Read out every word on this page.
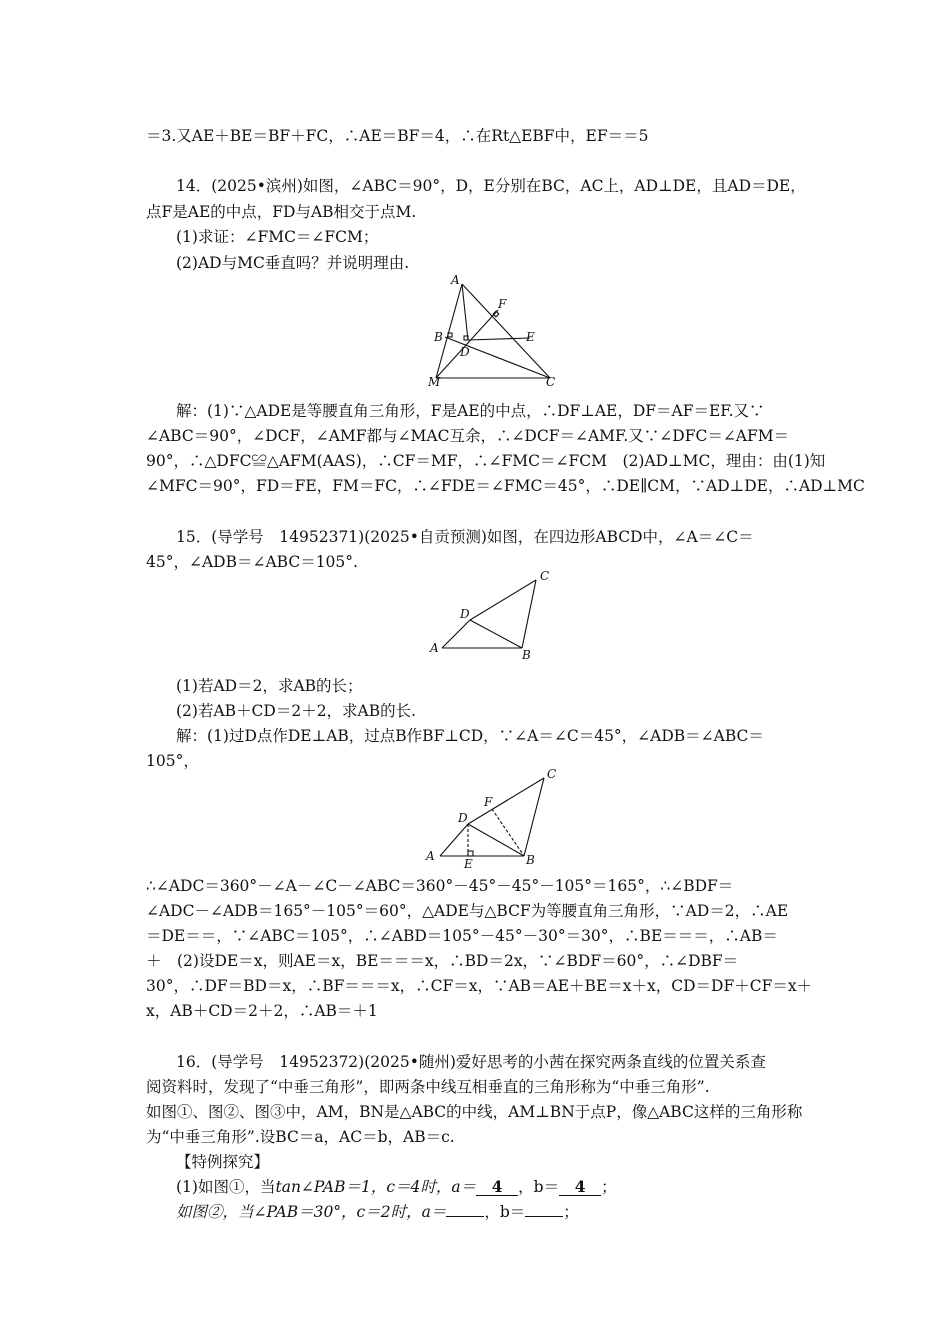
＝3.又AE＋BE＝BF＋FC，∴AE＝BF＝4，∴在Rt△EBF中，EF＝＝5
14．(2025•滨州)如图，∠ABC＝90°，D，E分别在BC，AC上，AD⊥DE，且AD＝DE，
点F是AE的中点，FD与AB相交于点M.
(1)求证：∠FMC＝∠FCM；
(2)AD与MC垂直吗？并说明理由.
A
F
B	E
D
M	C
解：(1)∵△ADE是等腰直角三角形，F是AE的中点，∴DF⊥AE，DF＝AF＝EF.又∵
∠ABC＝90°，∠DCF，∠AMF都与∠MAC互余，∴∠DCF＝∠AMF.又∵∠DFC＝∠AFM＝
90°，∴△DFC≌△AFM(AAS)，∴CF＝MF，∴∠FMC＝∠FCM　(2)AD⊥MC，理由：由(1)知
∠MFC＝90°，FD＝FE，FM＝FC，∴∠FDE＝∠FMC＝45°，∴DE∥CM，∵AD⊥DE，∴AD⊥MC
15．(导学号　14952371)(2025•自贡预测)如图，在四边形ABCD中，∠A＝∠C＝
45°，∠ADB＝∠ABC＝105°.
C
D
A	B
(1)若AD＝2，求AB的长；
(2)若AB＋CD＝2＋2，求AB的长.
解：(1)过D点作DE⊥AB，过点B作BF⊥CD，∵∠A＝∠C＝45°，∠ADB＝∠ABC＝
105°，
C
F
D
A
E	B
∴∠ADC＝360°－∠A－∠C－∠ABC＝360°－45°－45°－105°＝165°，∴∠BDF＝
∠ADC－∠ADB＝165°－105°＝60°，△ADE与△BCF为等腰直角三角形，∵AD＝2，∴AE
＝DE＝＝，∵∠ABC＝105°，∴∠ABD＝105°－45°－30°＝30°，∴BE＝＝＝，∴AB＝
＋　(2)设DE＝x，则AE＝x，BE＝＝＝x，∴BD＝2x，∵∠BDF＝60°，∴∠DBF＝
30°，∴DF＝BD＝x，∴BF＝＝＝x，∴CF＝x，∵AB＝AE＋BE＝x＋x，CD＝DF＋CF＝x＋
x，AB＋CD＝2＋2，∴AB＝＋1
16．(导学号　14952372)(2025•随州)爱好思考的小茜在探究两条直线的位置关系查
阅资料时，发现了“中垂三角形”，即两条中线互相垂直的三角形称为“中垂三角形”.
如图①、图②、图③中，AM，BN是△ABC的中线，AM⊥BN于点P，像△ABC这样的三角形称
为“中垂三角形”.设BC＝a，AC＝b，AB＝c.
【特例探究】
(1)如图①，当tan∠PAB＝1，c＝4时，a＝ 4 ，b＝ 4 ；
如图②，当∠PAB＝30°，c＝2时，a＝ ，b＝ ；
